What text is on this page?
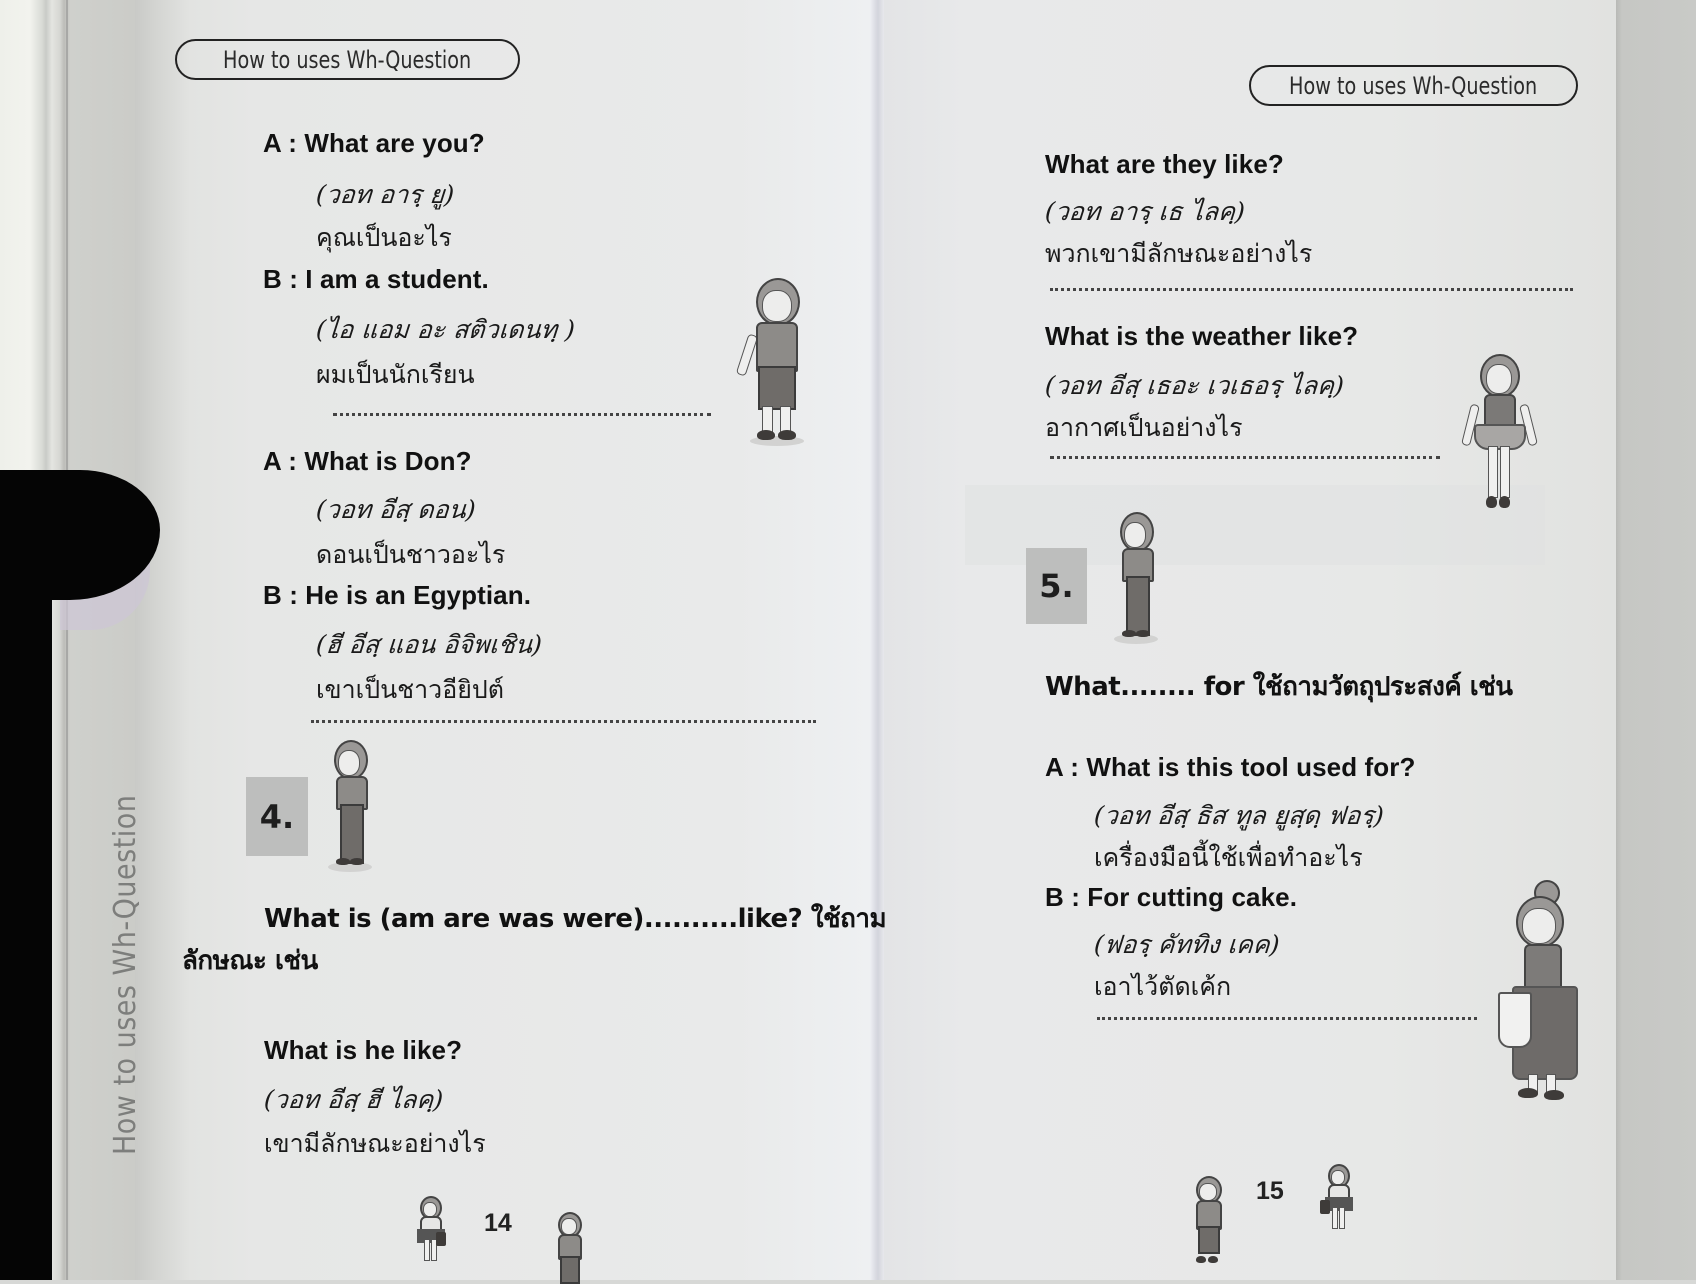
How to uses Wh-Question
How to uses Wh-Question
A : What are you?
(วอท อารฺ ยู)
คุณเป็นอะไร
B : I am a student.
(ไอ แอม อะ สติวเดนทฺ )
ผมเป็นนักเรียน
A : What is Don?
(วอท อีสฺ ดอน)
ดอนเป็นชาวอะไร
B : He is an Egyptian.
(ฮี อีสฺ แอน อิจิพเชิน)
เขาเป็นชาวอียิปต์
4.
What is (am are was were)..........like? ใช้ถาม
ลักษณะ เช่น
What is he like?
(วอท อีสฺ ฮี ไลคฺ)
เขามีลักษณะอย่างไร
14
How to uses Wh-Question
What are they like?
(วอท อารฺ เธ ไลคฺ)
พวกเขามีลักษณะอย่างไร
What is the weather like?
(วอท อีสฺ เธอะ เวเธอรฺ ไลคฺ)
อากาศเป็นอย่างไร
5.
What........ for ใช้ถามวัตถุประสงค์ เช่น
A : What is this tool used for?
(วอท อีสฺ ธิส ทูล ยูสฺดฺ ฟอรฺ)
เครื่องมือนี้ใช้เพื่อทำอะไร
B : For cutting cake.
(ฟอรฺ คัททิง เคค)
เอาไว้ตัดเค้ก
15
